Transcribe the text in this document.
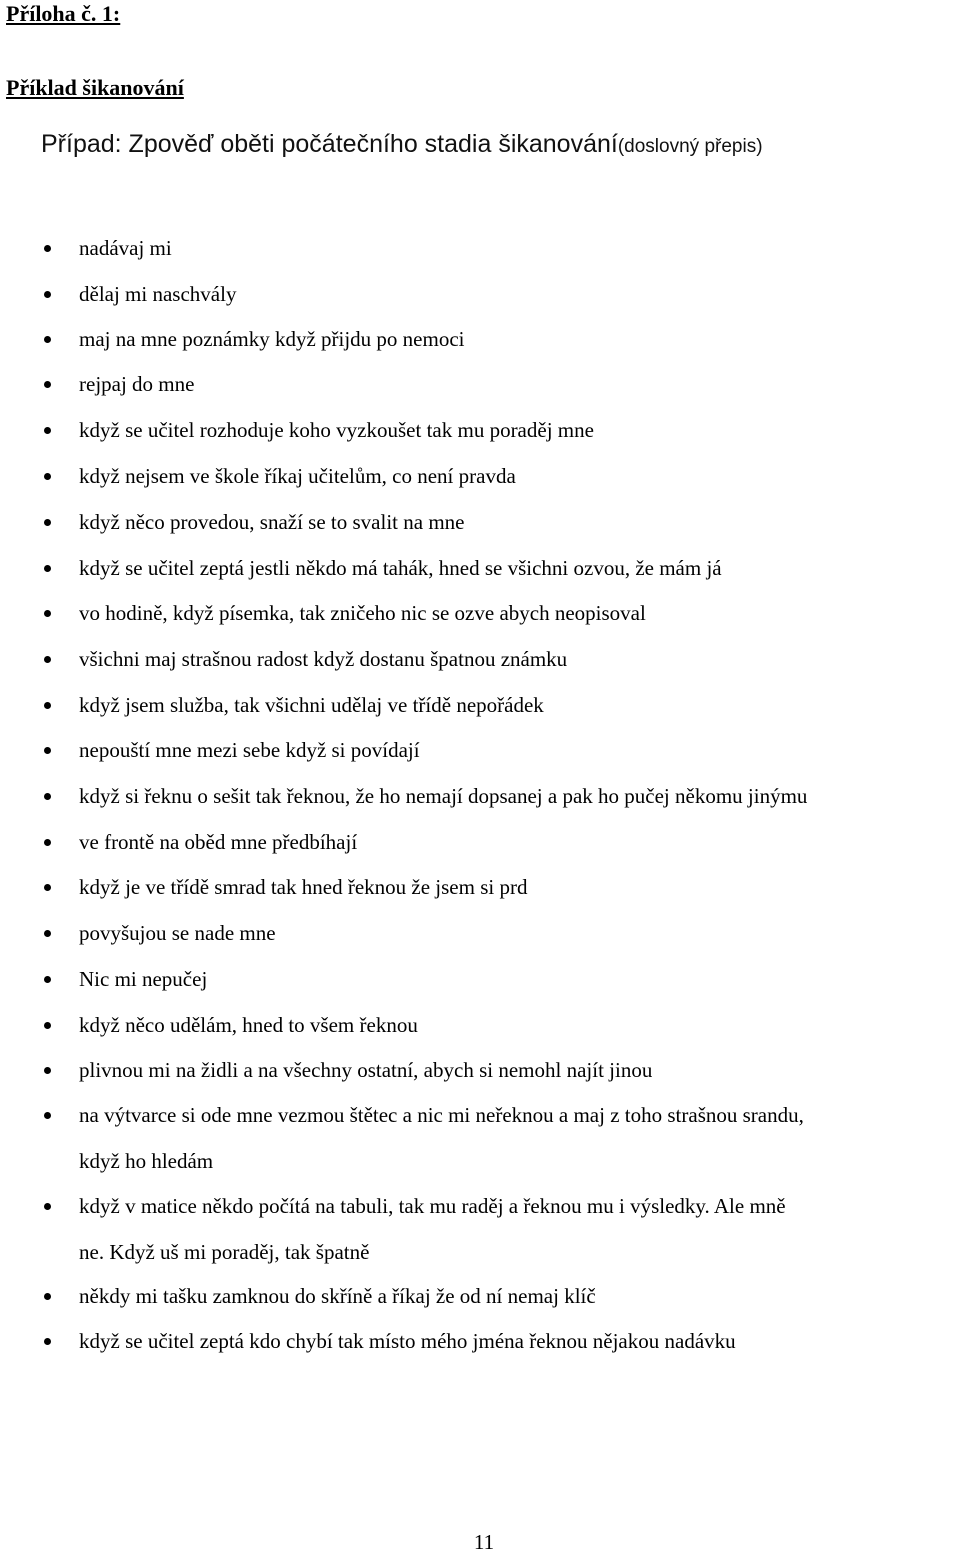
Příloha č. 1:

Příklad šikanování

Případ: Zpověď oběti počátečního stadia šikanování(doslovný přepis)

nadávaj mi
dělaj mi naschvály
maj na mne poznámky když přijdu po nemoci
rejpaj do mne
když se učitel rozhoduje koho vyzkoušet tak mu poraděj mne
když nejsem ve škole říkaj učitelům, co není pravda
když něco provedou, snaží se to svalit na mne
když se učitel zeptá jestli někdo má tahák, hned se všichni ozvou, že mám já
vo hodině, když písemka, tak zničeho nic se ozve abych neopisoval
všichni maj strašnou radost když dostanu špatnou známku
když jsem služba, tak všichni udělaj ve třídě nepořádek
nepouští mne mezi sebe když si povídají
když si řeknu o sešit tak řeknou, že ho nemají dopsanej a pak ho pučej někomu jinýmu
ve frontě na oběd mne předbíhají
když je ve třídě smrad tak hned řeknou že jsem si prd
povyšujou se nade mne
Nic mi nepučej
když něco udělám, hned to všem řeknou
plivnou mi na židli a na všechny ostatní, abych si nemohl najít jinou
na výtvarce si ode mne vezmou štětec a nic mi neřeknou a maj z toho strašnou srandu,
když ho hledám
když v matice někdo počítá na tabuli, tak mu raděj a řeknou mu i výsledky. Ale mně
ne. Když uš mi poraděj, tak špatně
někdy mi tašku zamknou do skříně a říkaj že od ní nemaj klíč
když se učitel zeptá kdo chybí tak místo mého jména řeknou nějakou nadávku

11
